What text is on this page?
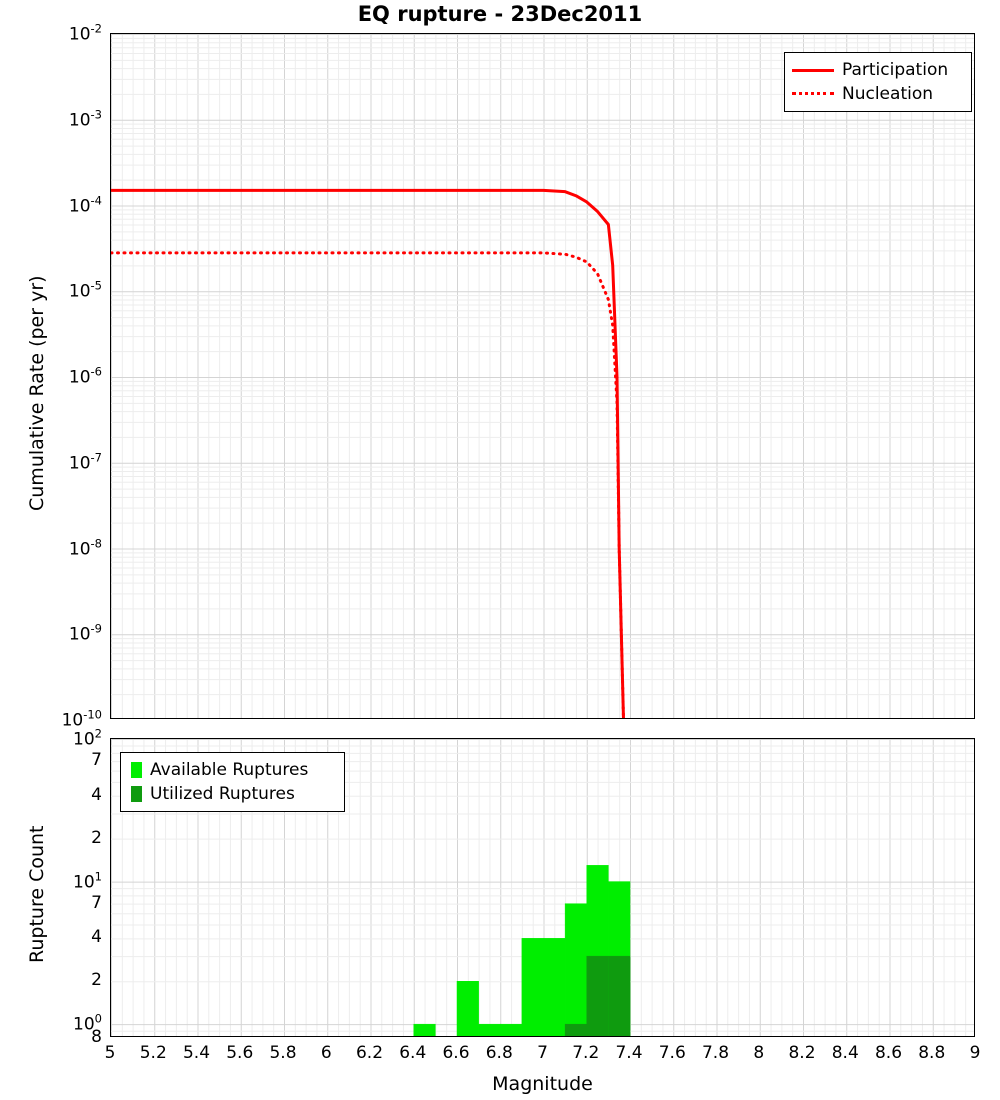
EQ rupture - 23Dec2011
$10^{-10}$
$10^{-9}$
$10^{-8}$
$10^{-7}$
$10^{-6}$
$10^{-5}$
$10^{-4}$
$10^{-3}$
$10^{-2}$
Cumulative Rate (per yr)
Participation
Nucleation
8
$10^0$
2
4
7
$10^1$
2
4
7
$10^2$
5 5.2 5.4 5.6 5.8 6 6.2 6.4 6.6 6.8 7 7.2 7.4 7.6 7.8 8 8.2 8.4 8.6 8.8 9
Rupture Count
Magnitude
Available Ruptures
Utilized Ruptures
